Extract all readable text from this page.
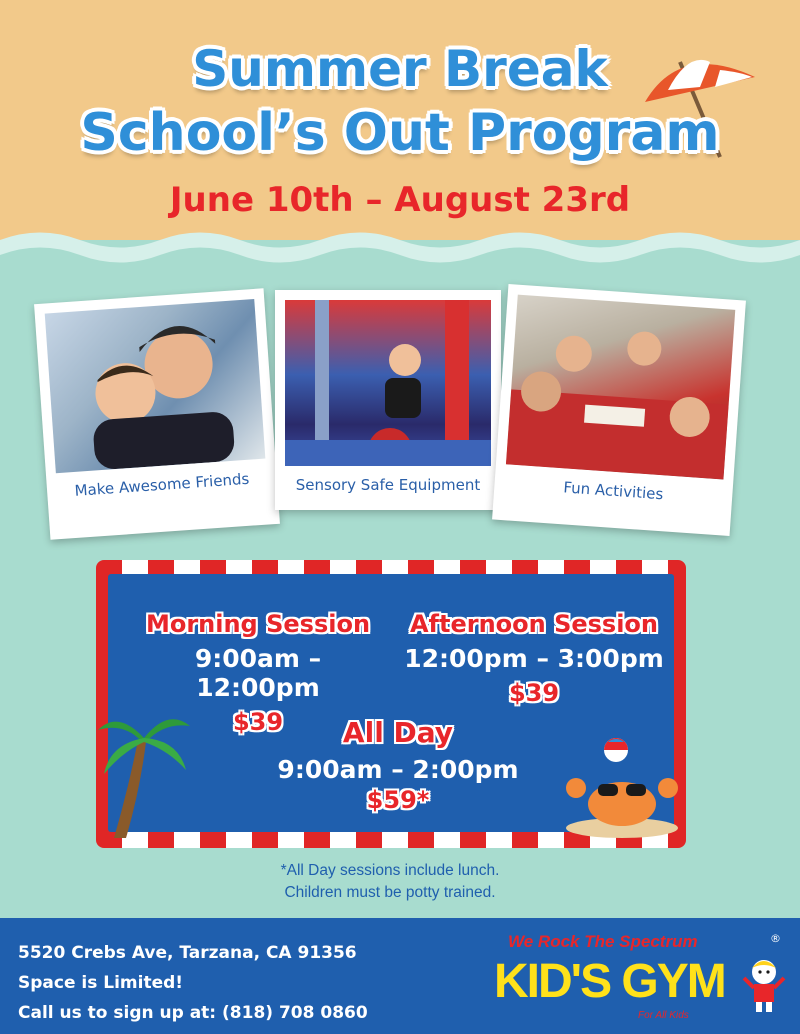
Summer Break
School’s Out Program
June 10th – August 23rd
Make Awesome Friends	Sensory Safe Equipment	Fun Activities
Morning Session
9:00am – 12:00pm
$39
Afternoon Session
12:00pm – 3:00pm
$39
All Day
9:00am – 2:00pm
$59*
*All Day sessions include lunch.
Children must be potty trained.
5520 Crebs Ave, Tarzana, CA 91356
Space is Limited!
Call us to sign up at: (818) 708 0860
We Rock The Spectrum	®
KID'S GYM
For All Kids
